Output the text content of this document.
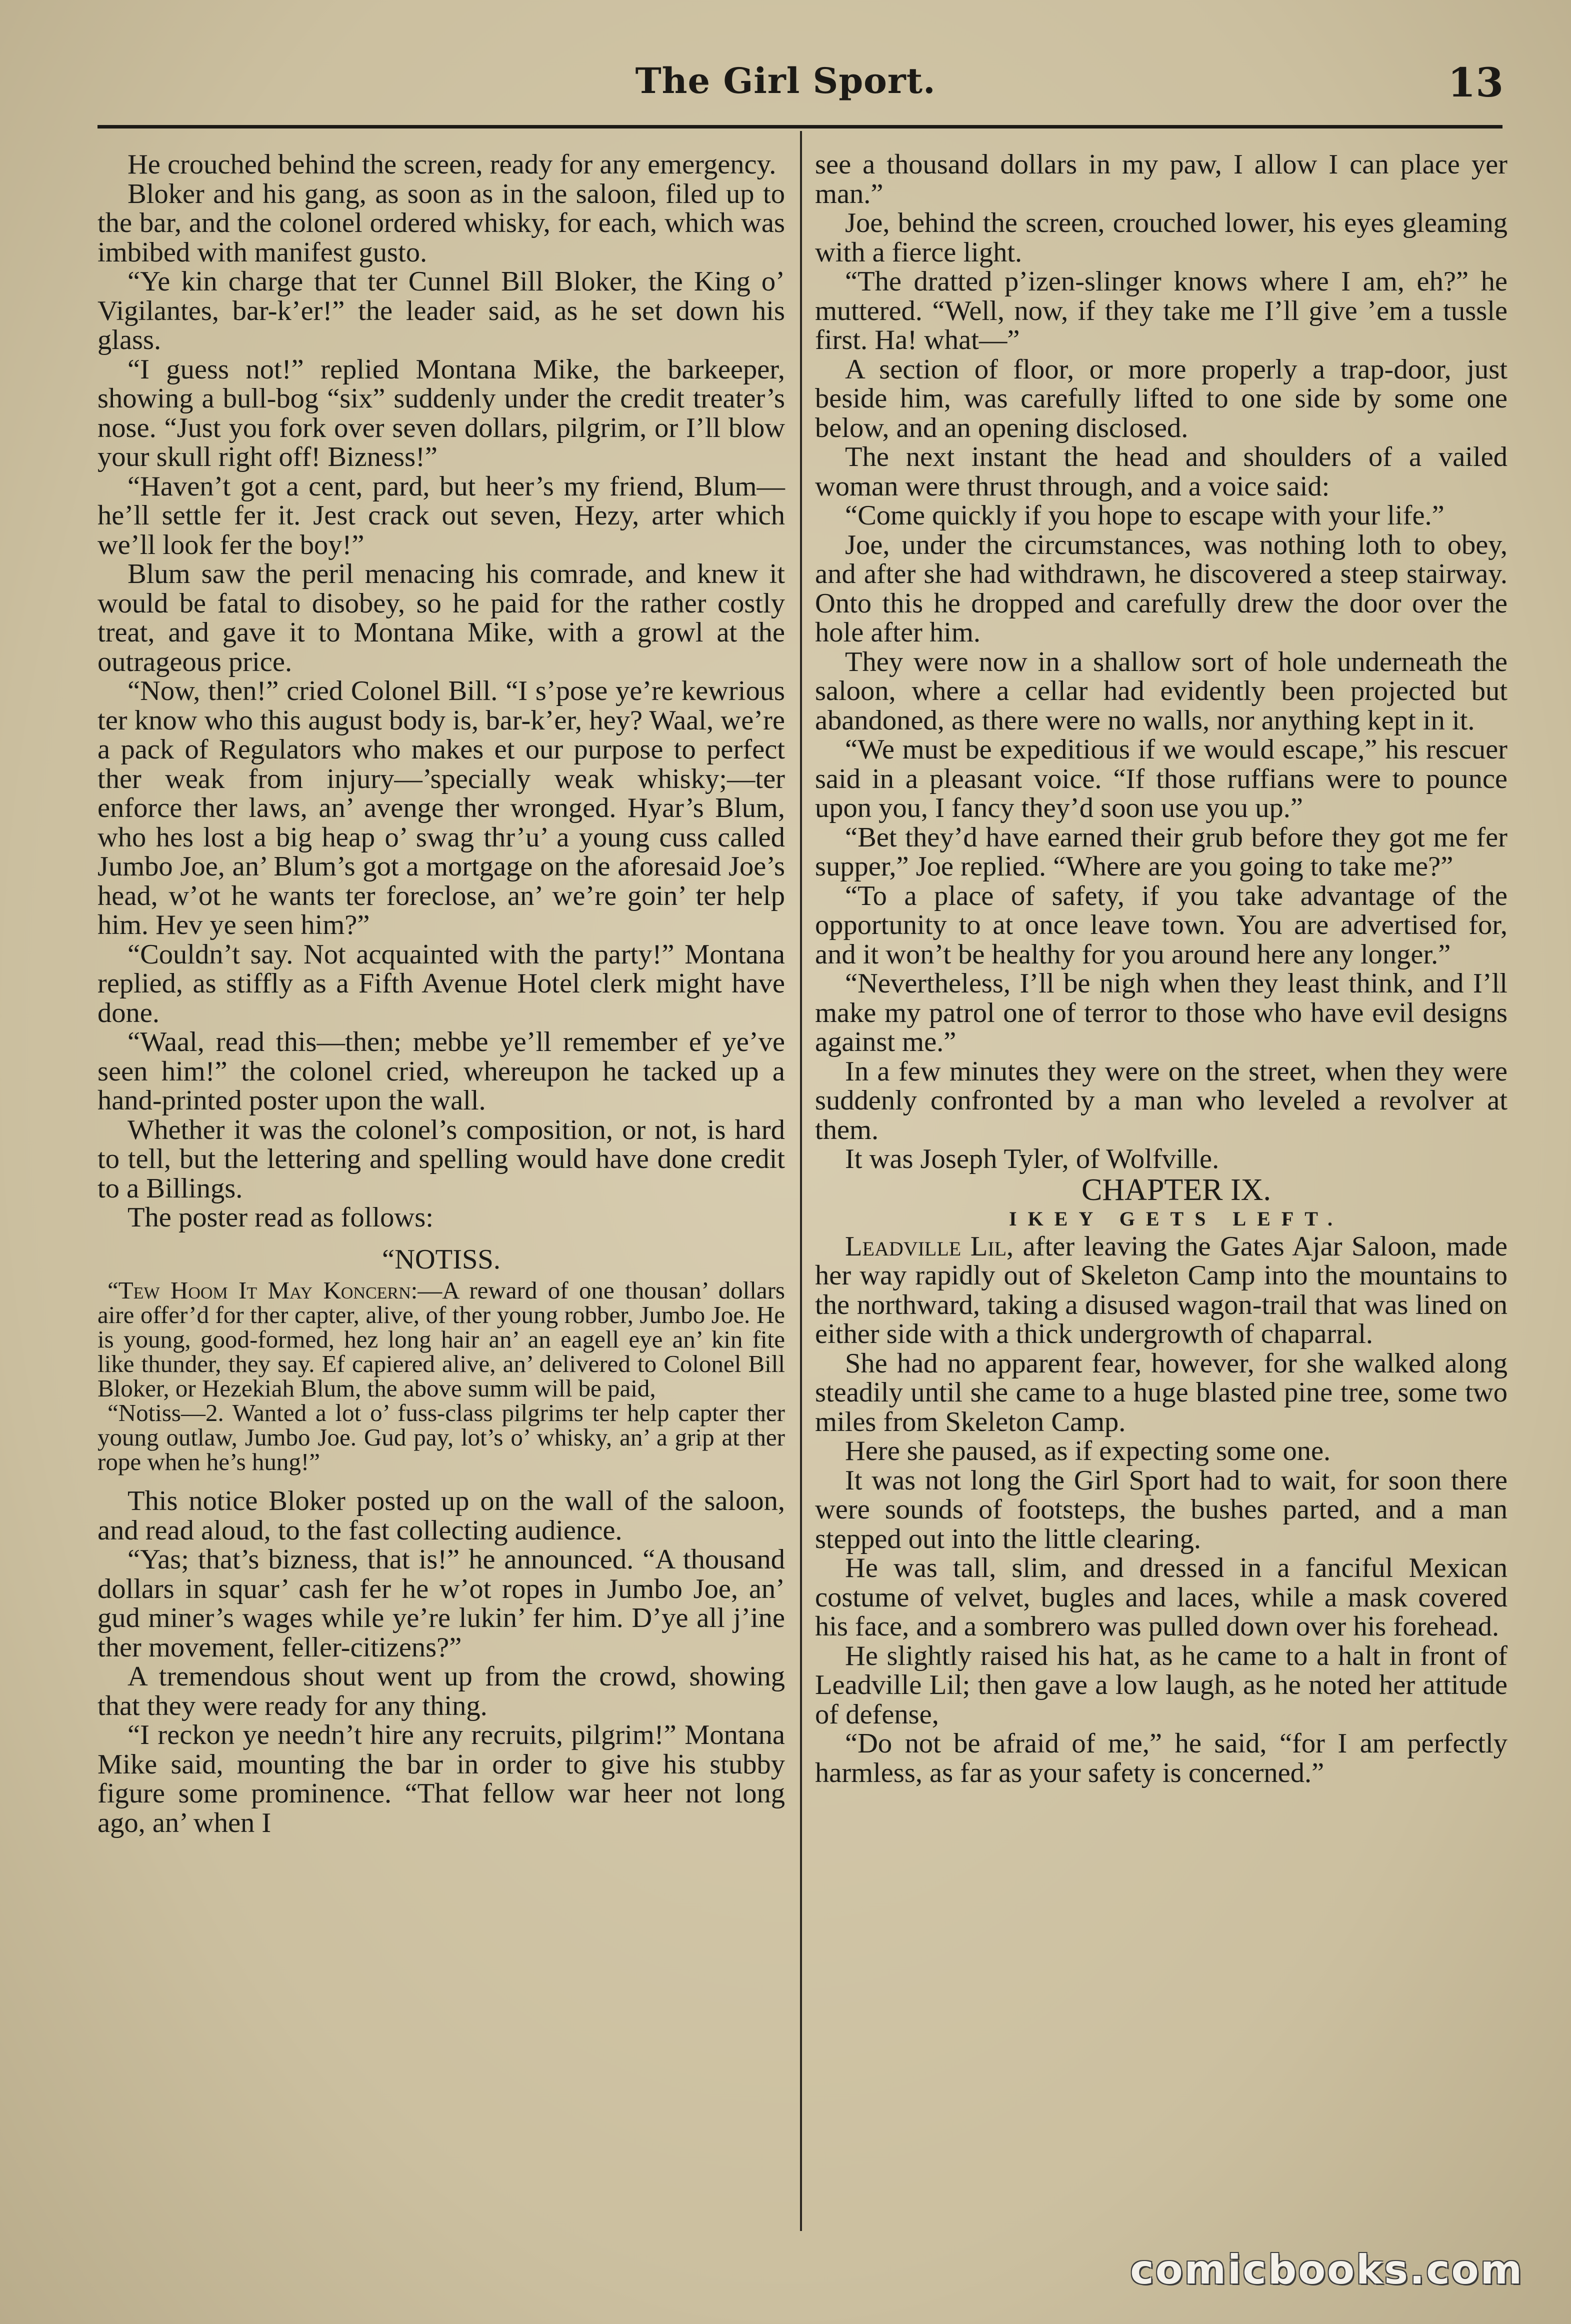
The Girl Sport.	13

He crouched behind the screen, ready for any emergency.

Bloker and his gang, as soon as in the saloon, filed up to the bar, and the colonel ordered whisky, for each, which was imbibed with manifest gusto.

“Ye kin charge that ter Cunnel Bill Bloker, the King o’ Vigilantes, bar-k’er!” the leader said, as he set down his glass.

“I guess not!” replied Montana Mike, the barkeeper, showing a bull-bog “six” suddenly under the credit treater’s nose. “Just you fork over seven dollars, pilgrim, or I’ll blow your skull right off! Bizness!”

“Haven’t got a cent, pard, but heer’s my friend, Blum—he’ll settle fer it. Jest crack out seven, Hezy, arter which we’ll look fer the boy!”

Blum saw the peril menacing his comrade, and knew it would be fatal to disobey, so he paid for the rather costly treat, and gave it to Montana Mike, with a growl at the outrageous price.

“Now, then!” cried Colonel Bill. “I s’pose ye’re kewrious ter know who this august body is, bar-k’er, hey? Waal, we’re a pack of Regulators who makes et our purpose to perfect ther weak from injury—’specially weak whisky;—ter enforce ther laws, an’ avenge ther wronged. Hyar’s Blum, who hes lost a big heap o’ swag thr’u’ a young cuss called Jumbo Joe, an’ Blum’s got a mortgage on the aforesaid Joe’s head, w’ot he wants ter foreclose, an’ we’re goin’ ter help him. Hev ye seen him?”

“Couldn’t say. Not acquainted with the party!” Montana replied, as stiffly as a Fifth Avenue Hotel clerk might have done.

“Waal, read this—then; mebbe ye’ll remember ef ye’ve seen him!” the colonel cried, whereupon he tacked up a hand-printed poster upon the wall.

Whether it was the colonel’s composition, or not, is hard to tell, but the lettering and spelling would have done credit to a Billings.

The poster read as follows:

“NOTISS.

“Tew Hoom It May Koncern:—A reward of one thousan’ dollars aire offer’d for ther capter, alive, of ther young robber, Jumbo Joe. He is young, good-formed, hez long hair an’ an eagell eye an’ kin fite like thunder, they say. Ef capiered alive, an’ delivered to Colonel Bill Bloker, or Hezekiah Blum, the above summ will be paid,

“Notiss—2. Wanted a lot o’ fuss-class pilgrims ter help capter ther young outlaw, Jumbo Joe. Gud pay, lot’s o’ whisky, an’ a grip at ther rope when he’s hung!”

This notice Bloker posted up on the wall of the saloon, and read aloud, to the fast collecting audience.

“Yas; that’s bizness, that is!” he announced. “A thousand dollars in squar’ cash fer he w’ot ropes in Jumbo Joe, an’ gud miner’s wages while ye’re lukin’ fer him. D’ye all j’ine ther movement, feller-citizens?”

A tremendous shout went up from the crowd, showing that they were ready for any thing.

“I reckon ye needn’t hire any recruits, pilgrim!” Montana Mike said, mounting the bar in order to give his stubby figure some prominence. “That fellow war heer not long ago, an’ when I

see a thousand dollars in my paw, I allow I can place yer man.”

Joe, behind the screen, crouched lower, his eyes gleaming with a fierce light.

“The dratted p’izen-slinger knows where I am, eh?” he muttered. “Well, now, if they take me I’ll give ’em a tussle first. Ha! what—”

A section of floor, or more properly a trap-door, just beside him, was carefully lifted to one side by some one below, and an opening disclosed.

The next instant the head and shoulders of a vailed woman were thrust through, and a voice said:

“Come quickly if you hope to escape with your life.”

Joe, under the circumstances, was nothing loth to obey, and after she had withdrawn, he discovered a steep stairway. Onto this he dropped and carefully drew the door over the hole after him.

They were now in a shallow sort of hole underneath the saloon, where a cellar had evidently been projected but abandoned, as there were no walls, nor anything kept in it.

“We must be expeditious if we would escape,” his rescuer said in a pleasant voice. “If those ruffians were to pounce upon you, I fancy they’d soon use you up.”

“Bet they’d have earned their grub before they got me fer supper,” Joe replied. “Where are you going to take me?”

“To a place of safety, if you take advantage of the opportunity to at once leave town. You are advertised for, and it won’t be healthy for you around here any longer.”

“Nevertheless, I’ll be nigh when they least think, and I’ll make my patrol one of terror to those who have evil designs against me.”

In a few minutes they were on the street, when they were suddenly confronted by a man who leveled a revolver at them.

It was Joseph Tyler, of Wolfville.

CHAPTER IX.

IKEY GETS LEFT.

Leadville Lil, after leaving the Gates Ajar Saloon, made her way rapidly out of Skeleton Camp into the mountains to the northward, taking a disused wagon-trail that was lined on either side with a thick undergrowth of chaparral.

She had no apparent fear, however, for she walked along steadily until she came to a huge blasted pine tree, some two miles from Skeleton Camp.

Here she paused, as if expecting some one.

It was not long the Girl Sport had to wait, for soon there were sounds of footsteps, the bushes parted, and a man stepped out into the little clearing.

He was tall, slim, and dressed in a fanciful Mexican costume of velvet, bugles and laces, while a mask covered his face, and a sombrero was pulled down over his forehead.

He slightly raised his hat, as he came to a halt in front of Leadville Lil; then gave a low laugh, as he noted her attitude of defense,

“Do not be afraid of me,” he said, “for I am perfectly harmless, as far as your safety is concerned.”

comicbooks.com
